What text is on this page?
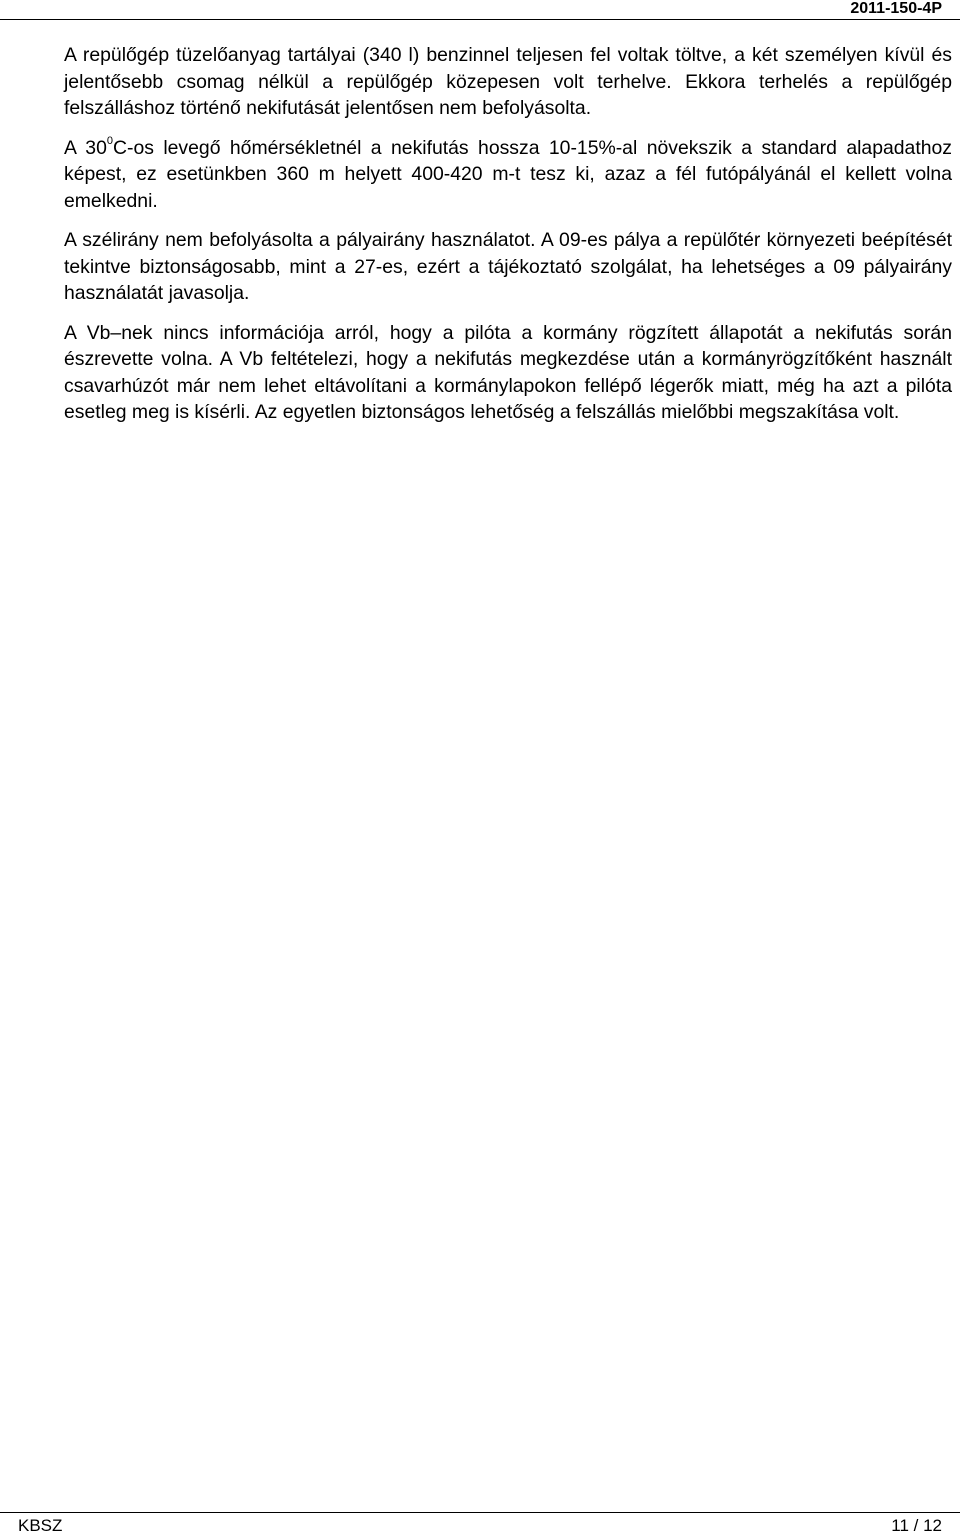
2011-150-4P

A repülőgép tüzelőanyag tartályai (340 l) benzinnel teljesen fel voltak töltve, a két személyen kívül és jelentősebb csomag nélkül a repülőgép közepesen volt terhelve. Ekkora terhelés a repülőgép felszálláshoz történő nekifutását jelentősen nem befolyásolta.

A $30^0C-os$ levegő hőmérsékletnél a nekifutás hossza 10-15%-al növekszik a standard alapadathoz képest, ez esetünkben 360 m helyett 400-420 m-t tesz ki, azaz a fél futópályánál el kellett volna emelkedni.

A szélirány nem befolyásolta a pályairány használatot. A 09-es pálya a repülőtér környezeti beépítését tekintve biztonságosabb, mint a 27-es, ezért a tájékoztató szolgálat, ha lehetséges a 09 pályairány használatát javasolja.

A Vb–nek nincs információja arról, hogy a pilóta a kormány rögzített állapotát a nekifutás során észrevette volna. A Vb feltételezi, hogy a nekifutás megkezdése után a kormányrögzítőként használt csavarhúzót már nem lehet eltávolítani a kormánylapokon fellépő légerők miatt, még ha azt a pilóta esetleg meg is kísérli. Az egyetlen biztonságos lehetőség a felszállás mielőbbi megszakítása volt.

KBSZ	11 / 12
